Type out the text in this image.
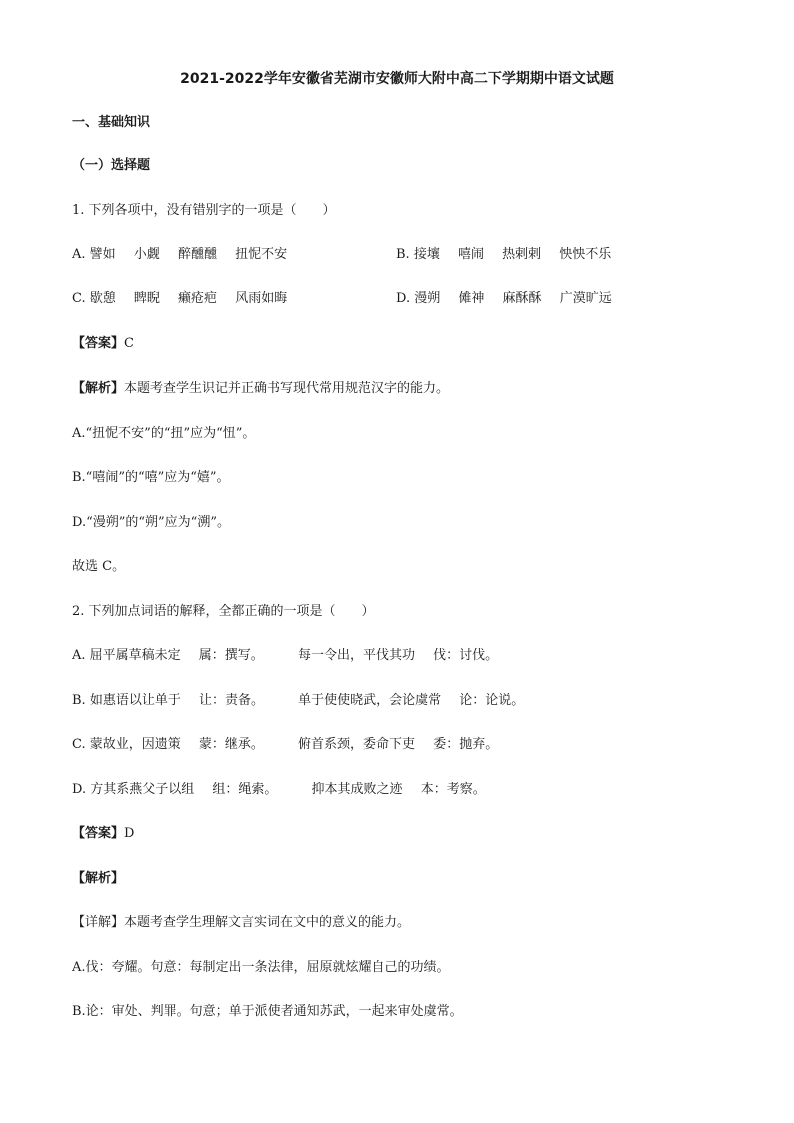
2021-2022学年安徽省芜湖市安徽师大附中高二下学期期中语文试题
一、基础知识
（一）选择题
1. 下列各项中，没有错别字的一项是（　　）
A. 譬如 小觑 醉醺醺 扭怩不安	B. 接壤 嘻闹 热剌剌 怏怏不乐
C. 歇憩 睥睨 癞疮疤 风雨如晦	D. 漫朔 傩神 麻酥酥 广漠旷远
【答案】C
【解析】本题考查学生识记并正确书写现代常用规范汉字的能力。
A.“扭怩不安”的“扭”应为“忸”。
B.“嘻闹”的“嘻”应为“嬉”。
D.“漫朔”的“朔”应为“溯”。
故选 C。
2. 下列加点词语的解释，全都正确的一项是（　　）
A. 屈平属草稿未定 属：撰写。	每一令出，平伐其功 伐：讨伐。
B. 如惠语以让单于 让：责备。	单于使使晓武，会论虞常 论：论说。
C. 蒙故业，因遗策 蒙：继承。	俯首系颈，委命下吏 委：抛弃。
D. 方其系燕父子以组 组：绳索。	抑本其成败之迹 本：考察。
【答案】D
【解析】
【详解】本题考查学生理解文言实词在文中的意义的能力。
A.伐：夸耀。句意：每制定出一条法律，屈原就炫耀自己的功绩。
B.论：审处、判罪。句意；单于派使者通知苏武，一起来审处虞常。
